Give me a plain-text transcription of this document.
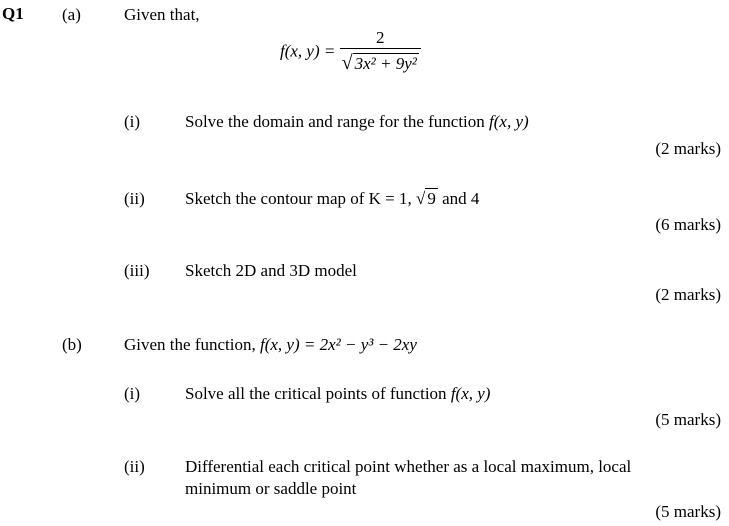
Q1 (a)	Given that,
f(x, $y) = \frac{2}{\text{√ 3x² + 9y²}}$
(i)	Solve the domain and range for the function f(x, y)
(2 marks)
(ii) Sketch the contour map of K = 1, √ 9 and 4
(6 marks)
(iii) Sketch 2D and 3D model
(2 marks)
(b) Given the function, f(x, y) = 2x² − y³ − 2xy
(i)	Solve all the critical points of function f(x, y)
(5 marks)
(ii) Differential each critical point whether as a local maximum, local
minimum or saddle point
(5 marks)
